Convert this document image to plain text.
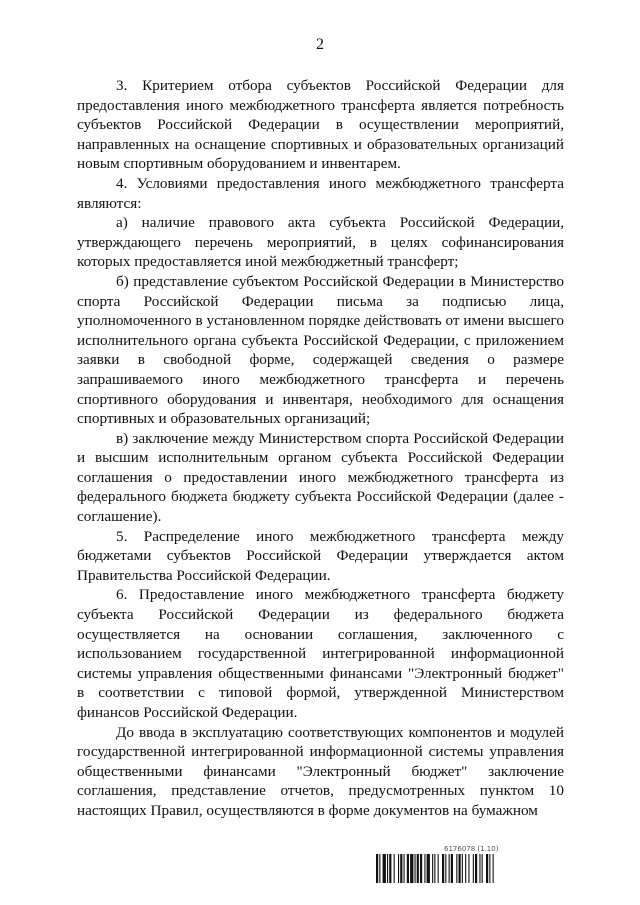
2

3. Критерием отбора субъектов Российской Федерации для предоставления иного межбюджетного трансферта является потребность субъектов Российской Федерации в осуществлении мероприятий, направленных на оснащение спортивных и образовательных организаций новым спортивным оборудованием и инвентарем.

4. Условиями предоставления иного межбюджетного трансферта являются:

а) наличие правового акта субъекта Российской Федерации, утверждающего перечень мероприятий, в целях софинансирования которых предоставляется иной межбюджетный трансферт;

б) представление субъектом Российской Федерации в Министерство спорта Российской Федерации письма за подписью лица, уполномоченного в установленном порядке действовать от имени высшего исполнительного органа субъекта Российской Федерации, с приложением заявки в свободной форме, содержащей сведения о размере запрашиваемого иного межбюджетного трансферта и перечень спортивного оборудования и инвентаря, необходимого для оснащения спортивных и образовательных организаций;

в) заключение между Министерством спорта Российской Федерации и высшим исполнительным органом субъекта Российской Федерации соглашения о предоставлении иного межбюджетного трансферта из федерального бюджета бюджету субъекта Российской Федерации (далее - соглашение).

5. Распределение иного межбюджетного трансферта между бюджетами субъектов Российской Федерации утверждается актом Правительства Российской Федерации.

6. Предоставление иного межбюджетного трансферта бюджету субъекта Российской Федерации из федерального бюджета осуществляется на основании соглашения, заключенного с использованием государственной интегрированной информационной системы управления общественными финансами "Электронный бюджет" в соответствии с типовой формой, утвержденной Министерством финансов Российской Федерации.

До ввода в эксплуатацию соответствующих компонентов и модулей государственной интегрированной информационной системы управления общественными финансами "Электронный бюджет" заключение соглашения, представление отчетов, предусмотренных пунктом 10 настоящих Правил, осуществляются в форме документов на бумажном

6176078 (1.10)
